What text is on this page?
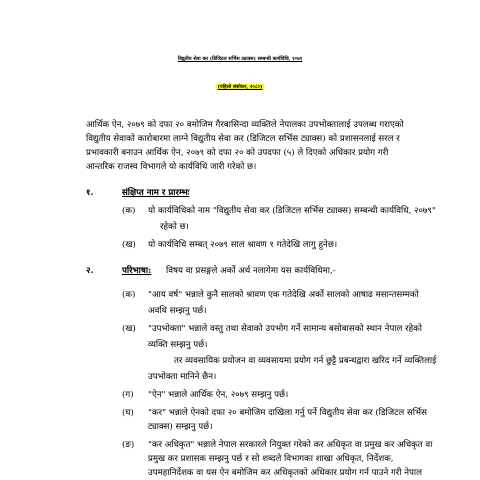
विद्युतीय सेवा कर (डिजिटल सर्भिस ट्याक्स) सम्बन्धी कार्यविधि, २०७९
(पहिलो संशोधन, २०८०)
आर्थिक ऐन, २०७९ को दफा २० बमोजिम गैरबासिन्दा व्यक्तिले नेपालका उपभोक्तालाई उपलब्ध गराएको
विद्युतीय सेवाको कारोबारमा लाग्ने विद्युतीय सेवा कर (डिजिटल सर्भिस ट्याक्स) को प्रशासनलाई सरल र
प्रभावकारी बनाउन आर्थिक ऐन, २०७९ को दफा २० को उपदफा (५) ले दिएको अधिकार प्रयोग गरी
आन्तरिक राजस्व विभागले यो कार्यविधि जारी गरेको छ।
१.	संक्षिप्त नाम र प्रारम्भः
(क) यो कार्यविधिको नाम "विद्युतीय सेवा कर (डिजिटल सर्भिस ट्याक्स) सम्बन्धी कार्यविधि, २०७९"
रहेको छ।
(ख) यो कार्यविधि सम्बत् २०७९ साल श्रावण १ गतेदेखि लागु हुनेछ।
२.	परिभाषा: विषय वा प्रसङ्गले अर्को अर्थ नलागेमा यस कार्यविधिमा,-
(क) "आय वर्ष" भन्नाले कुनै सालको श्रावण एक गतेदेखि अर्को सालको आषाढ मसान्तसम्मको
अवधि सम्झनु पर्छ।
(ख) "उपभोक्ता" भन्नाले वस्तु तथा सेवाको उपभोग गर्ने सामान्य बसोबासको स्थान नेपाल रहेको
व्यक्ति सम्झनु पर्छ।
तर व्यवसायिक प्रयोजन वा व्यवसायमा प्रयोग गर्न छुट्टै प्रबन्धद्वारा खरिद गर्ने व्यक्तिलाई
उपभोक्ता मानिने छैन।
(ग) "ऐन" भन्नाले आर्थिक ऐन, २०७९ सम्झनु पर्छ।
(घ) "कर" भन्नाले ऐनको दफा २० बमोजिम दाखिला गर्नु पर्ने विद्युतीय सेवा कर (डिजिटल सर्भिस
ट्याक्स) सम्झनु पर्छ।
(ङ) "कर अधिकृत" भन्नाले नेपाल सरकारले नियुक्त गरेको कर अधिकृत वा प्रमुख कर अधिकृत वा
प्रमुख कर प्रशासक सम्झनु पर्छ र सो शब्दले विभागका शाखा अधिकृत, निर्देशक,
उपमहानिर्देशक वा यस ऐन बमोजिम कर अधिकृतको अधिकार प्रयोग गर्न पाउने गरी नेपाल
